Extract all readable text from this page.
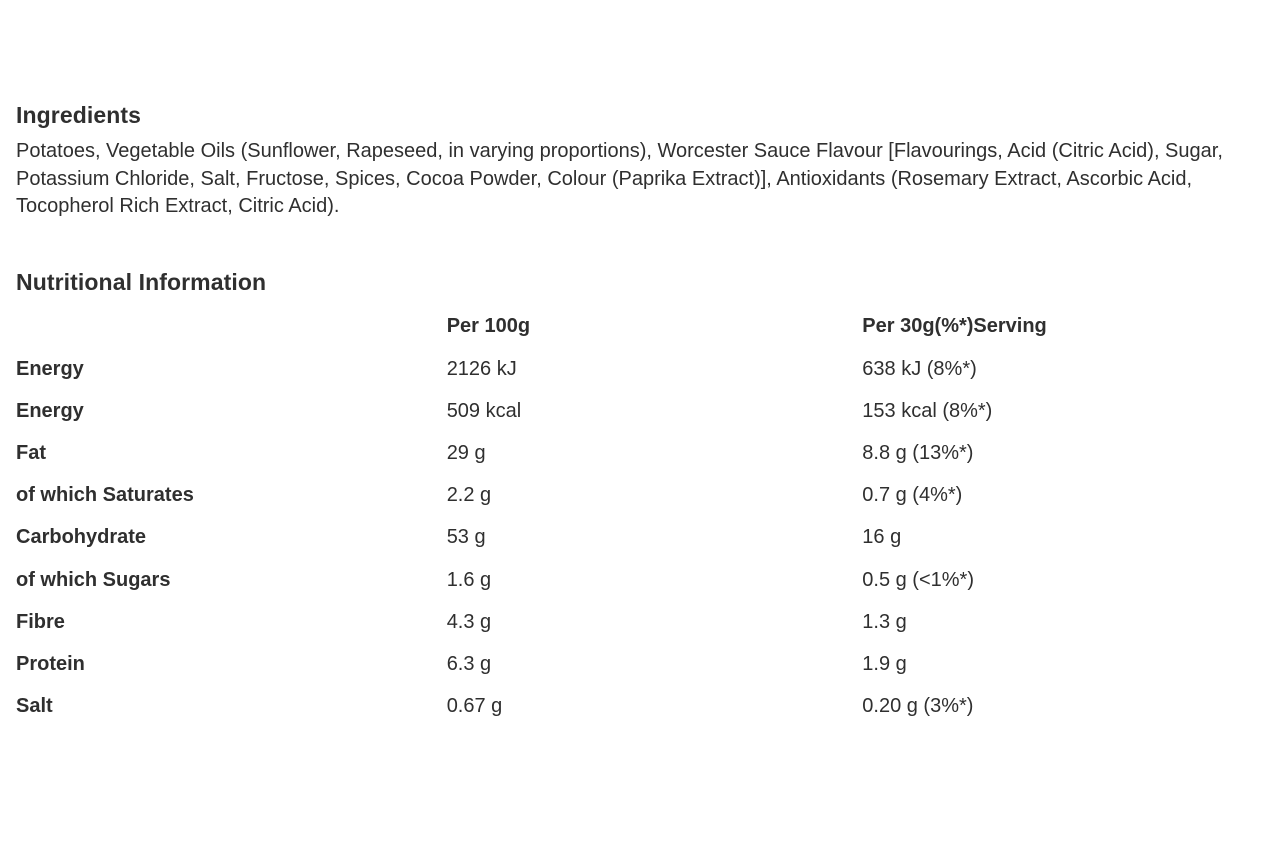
Ingredients

Potatoes, Vegetable Oils (Sunflower, Rapeseed, in varying proportions), Worcester Sauce Flavour [Flavourings, Acid (Citric Acid), Sugar, Potassium Chloride, Salt, Fructose, Spices, Cocoa Powder, Colour (Paprika Extract)], Antioxidants (Rosemary Extract, Ascorbic Acid, Tocopherol Rich Extract, Citric Acid).

Nutritional Information
	Per 100g	Per 30g(%*)Serving
Energy	2126 kJ	638 kJ (8%*)
Energy	509 kcal	153 kcal (8%*)
Fat	29 g	8.8 g (13%*)
of which Saturates	2.2 g	0.7 g (4%*)
Carbohydrate	53 g	16 g
of which Sugars	1.6 g	0.5 g (<1%*)
Fibre	4.3 g	1.3 g
Protein	6.3 g	1.9 g
Salt	0.67 g	0.20 g (3%*)
